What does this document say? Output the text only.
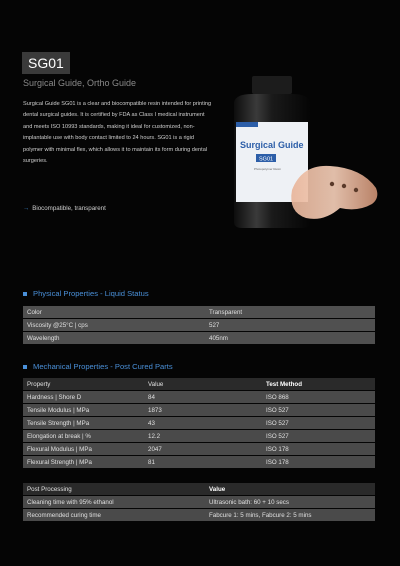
SG01
Surgical Guide, Ortho Guide
Surgical Guide SG01 is a clear and biocompatible resin intended for printing dental surgical guides. It is certified by FDA as Class I medical instrument and meets ISO 10993 standards, making it ideal for customized, non-implantable use with body contact limited to 24 hours. SG01 is a rigid polymer with minimal flex, which allows it to maintain its form during dental surgeries.
→ Biocompatible, transparent
Surgical Guide
SG01
Photopolymer Resin
Physical Properties - Liquid Status
Color	Transparent
Viscosity @25°C | cps	527
Wavelength	405nm
Mechanical Properties - Post Cured Parts
Property	Value	Test Method
Hardness | Shore D	84	ISO 868
Tensile Modulus | MPa	1873	ISO 527
Tensile Strength | MPa	43	ISO 527
Elongation at break | %	12.2	ISO 527
Flexural Modulus | MPa	2047	ISO 178
Flexural Strength | MPa	81	ISO 178
Post Processing	Value
Cleaning time with 95% ethanol	Ultrasonic bath: 60 + 10 secs
Recommended curing time	Fabcure 1: 5 mins, Fabcure 2: 5 mins
